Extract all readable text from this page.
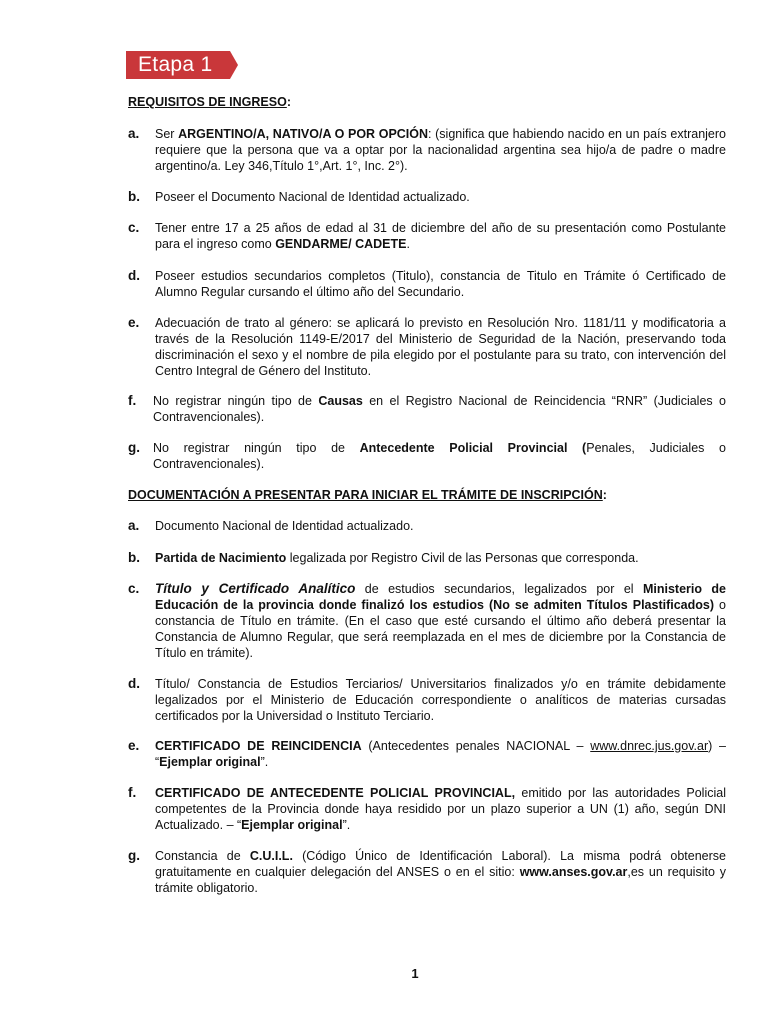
Etapa 1
REQUISITOS DE INGRESO:
a. Ser ARGENTINO/A, NATIVO/A O POR OPCIÓN: (significa que habiendo nacido en un país extranjero requiere que la persona que va a optar por la nacionalidad argentina sea hijo/a de padre o madre argentino/a. Ley 346,Título 1°,Art. 1°, Inc. 2°).
b. Poseer el Documento Nacional de Identidad actualizado.
c. Tener entre 17 a 25 años de edad al 31 de diciembre del año de su presentación como Postulante para el ingreso como GENDARME/ CADETE.
d. Poseer estudios secundarios completos (Titulo), constancia de Titulo en Trámite ó Certificado de Alumno Regular cursando el último año del Secundario.
e. Adecuación de trato al género: se aplicará lo previsto en Resolución Nro. 1181/11 y modificatoria a través de la Resolución 1149-E/2017 del Ministerio de Seguridad de la Nación, preservando toda discriminación el sexo y el nombre de pila elegido por el postulante para su trato, con intervención del Centro Integral de Género del Instituto.
f. No registrar ningún tipo de Causas en el Registro Nacional de Reincidencia “RNR” (Judiciales o Contravencionales).
g. No registrar ningún tipo de Antecedente Policial Provincial (Penales, Judiciales o Contravencionales).
DOCUMENTACIÓN A PRESENTAR PARA INICIAR EL TRÁMITE DE INSCRIPCIÓN:
a. Documento Nacional de Identidad actualizado.
b. Partida de Nacimiento legalizada por Registro Civil de las Personas que corresponda.
c. Título y Certificado Analítico de estudios secundarios, legalizados por el Ministerio de Educación de la provincia donde finalizó los estudios (No se admiten Títulos Plastificados) o constancia de Título en trámite. (En el caso que esté cursando el último año deberá presentar la Constancia de Alumno Regular, que será reemplazada en el mes de diciembre por la Constancia de Título en trámite).
d. Título/ Constancia de Estudios Terciarios/ Universitarios finalizados y/o en trámite debidamente legalizados por el Ministerio de Educación correspondiente o analíticos de materias cursadas certificados por la Universidad o Instituto Terciario.
e. CERTIFICADO DE REINCIDENCIA (Antecedentes penales NACIONAL – www.dnrec.jus.gov.ar) – “Ejemplar original”.
f. CERTIFICADO DE ANTECEDENTE POLICIAL PROVINCIAL, emitido por las autoridades Policial competentes de la Provincia donde haya residido por un plazo superior a UN (1) año, según DNI Actualizado. – “Ejemplar original”.
g. Constancia de C.U.I.L. (Código Único de Identificación Laboral). La misma podrá obtenerse gratuitamente en cualquier delegación del ANSES o en el sitio: www.anses.gov.ar,es un requisito y trámite obligatorio.
1
